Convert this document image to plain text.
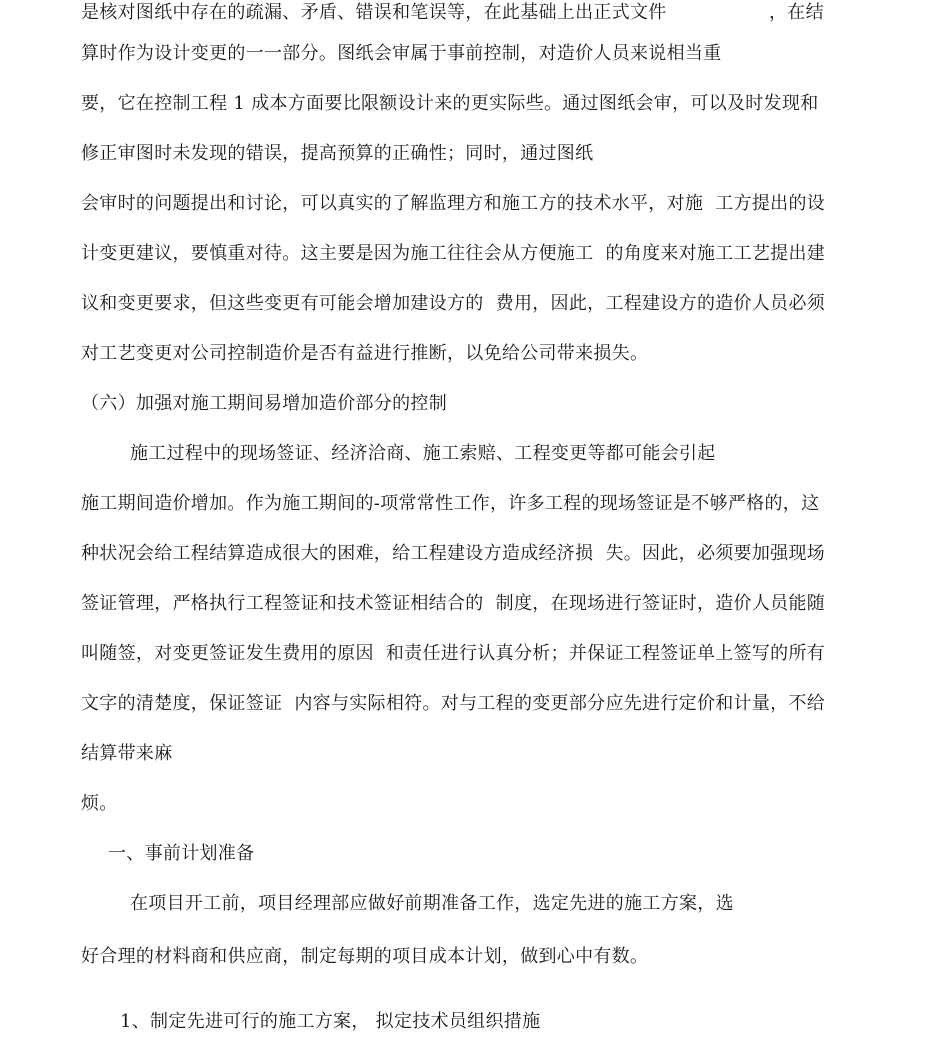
是核对图纸中存在的疏漏、矛盾、错误和笔误等，在此基础上出正式文件                 ，在结
算时作为设计变更的一一部分。图纸会审属于事前控制，对造价人员来说相当重
要，它在控制工程 1 成本方面要比限额设计来的更实际些。通过图纸会审，可以及时发现和
修正审图时未发现的错误，提高预算的正确性；同时，通过图纸
会审时的问题提出和讨论，可以真实的了解监理方和施工方的技术水平，对施  工方提出的设
计变更建议，要慎重对待。这主要是因为施工往往会从方便施工  的角度来对施工工艺提出建
议和变更要求，但这些变更有可能会增加建设方的  费用，因此，工程建设方的造价人员必须
对工艺变更对公司控制造价是否有益进行推断，以免给公司带来损失。
（六）加强对施工期间易增加造价部分的控制
施工过程中的现场签证、经济洽商、施工索赔、工程变更等都可能会引起
施工期间造价增加。作为施工期间的-项常常性工作，许多工程的现场签证是不够严格的，这
种状况会给工程结算造成很大的困难，给工程建设方造成经济损  失。因此，必须要加强现场
签证管理，严格执行工程签证和技术签证相结合的  制度，在现场进行签证时，造价人员能随
叫随签，对变更签证发生费用的原因  和责任进行认真分析；并保证工程签证单上签写的所有
文字的清楚度，保证签证  内容与实际相符。对与工程的变更部分应先进行定价和计量，不给
结算带来麻
烦。
一、事前计划准备
在项目开工前，项目经理部应做好前期准备工作，选定先进的施工方案，选
好合理的材料商和供应商，制定每期的项目成本计划，做到心中有数。
1、制定先进可行的施工方案， 拟定技术员组织措施
